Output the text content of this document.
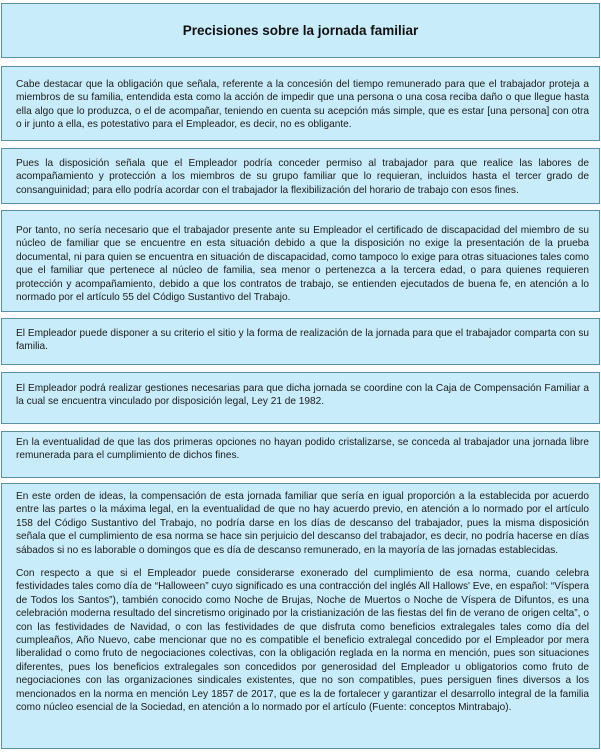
Precisiones sobre la jornada familiar

Cabe destacar que la obligación que señala, referente a la concesión del tiempo remunerado para que el trabajador proteja a miembros de su familia, entendida esta como la acción de impedir que una persona o una cosa reciba daño o que llegue hasta ella algo que lo produzca, o el de acompañar, teniendo en cuenta su acepción más simple, que es estar [una persona] con otra o ir junto a ella, es potestativo para el Empleador, es decir, no es obligante.

Pues la disposición señala que el Empleador podría conceder permiso al trabajador para que realice las labores de acompañamiento y protección a los miembros de su grupo familiar que lo requieran, incluidos hasta el tercer grado de consanguinidad; para ello podría acordar con el trabajador la flexibilización del horario de trabajo con esos fines.

Por tanto, no sería necesario que el trabajador presente ante su Empleador el certificado de discapacidad del miembro de su núcleo de familiar que se encuentre en esta situación debido a que la disposición no exige la presentación de la prueba documental, ni para quien se encuentra en situación de discapacidad, como tampoco lo exige para otras situaciones tales como que el familiar que pertenece al núcleo de familia, sea menor o pertenezca a la tercera edad, o para quienes requieren protección y acompañamiento, debido a que los contratos de trabajo, se entienden ejecutados de buena fe, en atención a lo normado por el artículo 55 del Código Sustantivo del Trabajo.

El Empleador puede disponer a su criterio el sitio y la forma de realización de la jornada para que el trabajador comparta con su familia.

El Empleador podrá realizar gestiones necesarias para que dicha jornada se coordine con la Caja de Compensación Familiar a la cual se encuentra vinculado por disposición legal, Ley 21 de 1982.

En la eventualidad de que las dos primeras opciones no hayan podido cristalizarse, se conceda al trabajador una jornada libre remunerada para el cumplimiento de dichos fines.

En este orden de ideas, la compensación de esta jornada familiar que sería en igual proporción a la establecida por acuerdo entre las partes o la máxima legal, en la eventualidad de que no hay acuerdo previo, en atención a lo normado por el artículo 158 del Código Sustantivo del Trabajo, no podría darse en los días de descanso del trabajador, pues la misma disposición señala que el cumplimiento de esa norma se hace sin perjuicio del descanso del trabajador, es decir, no podría hacerse en días sábados si no es laborable o domingos que es día de descanso remunerado, en la mayoría de las jornadas establecidas.

Con respecto a que si el Empleador puede considerarse exonerado del cumplimiento de esa norma, cuando celebra festividades tales como día de “Halloween” cuyo significado es una contracción del inglés All Hallows' Eve, en español: “Víspera de Todos los Santos”), también conocido como Noche de Brujas, Noche de Muertos o Noche de Víspera de Difuntos, es una celebración moderna resultado del sincretismo originado por la cristianización de las fiestas del fin de verano de origen celta”, o con las festividades de Navidad, o con las festividades de que disfruta como beneficios extralegales tales como día del cumpleaños, Año Nuevo, cabe mencionar que no es compatible el beneficio extralegal concedido por el Empleador por mera liberalidad o como fruto de negociaciones colectivas, con la obligación reglada en la norma en mención, pues son situaciones diferentes, pues los beneficios extralegales son concedidos por generosidad del Empleador u obligatorios como fruto de negociaciones con las organizaciones sindicales existentes, que no son compatibles, pues persiguen fines diversos a los mencionados en la norma en mención Ley 1857 de 2017, que es la de fortalecer y garantizar el desarrollo integral de la familia como núcleo esencial de la Sociedad, en atención a lo normado por el artículo (Fuente: conceptos Mintrabajo).
